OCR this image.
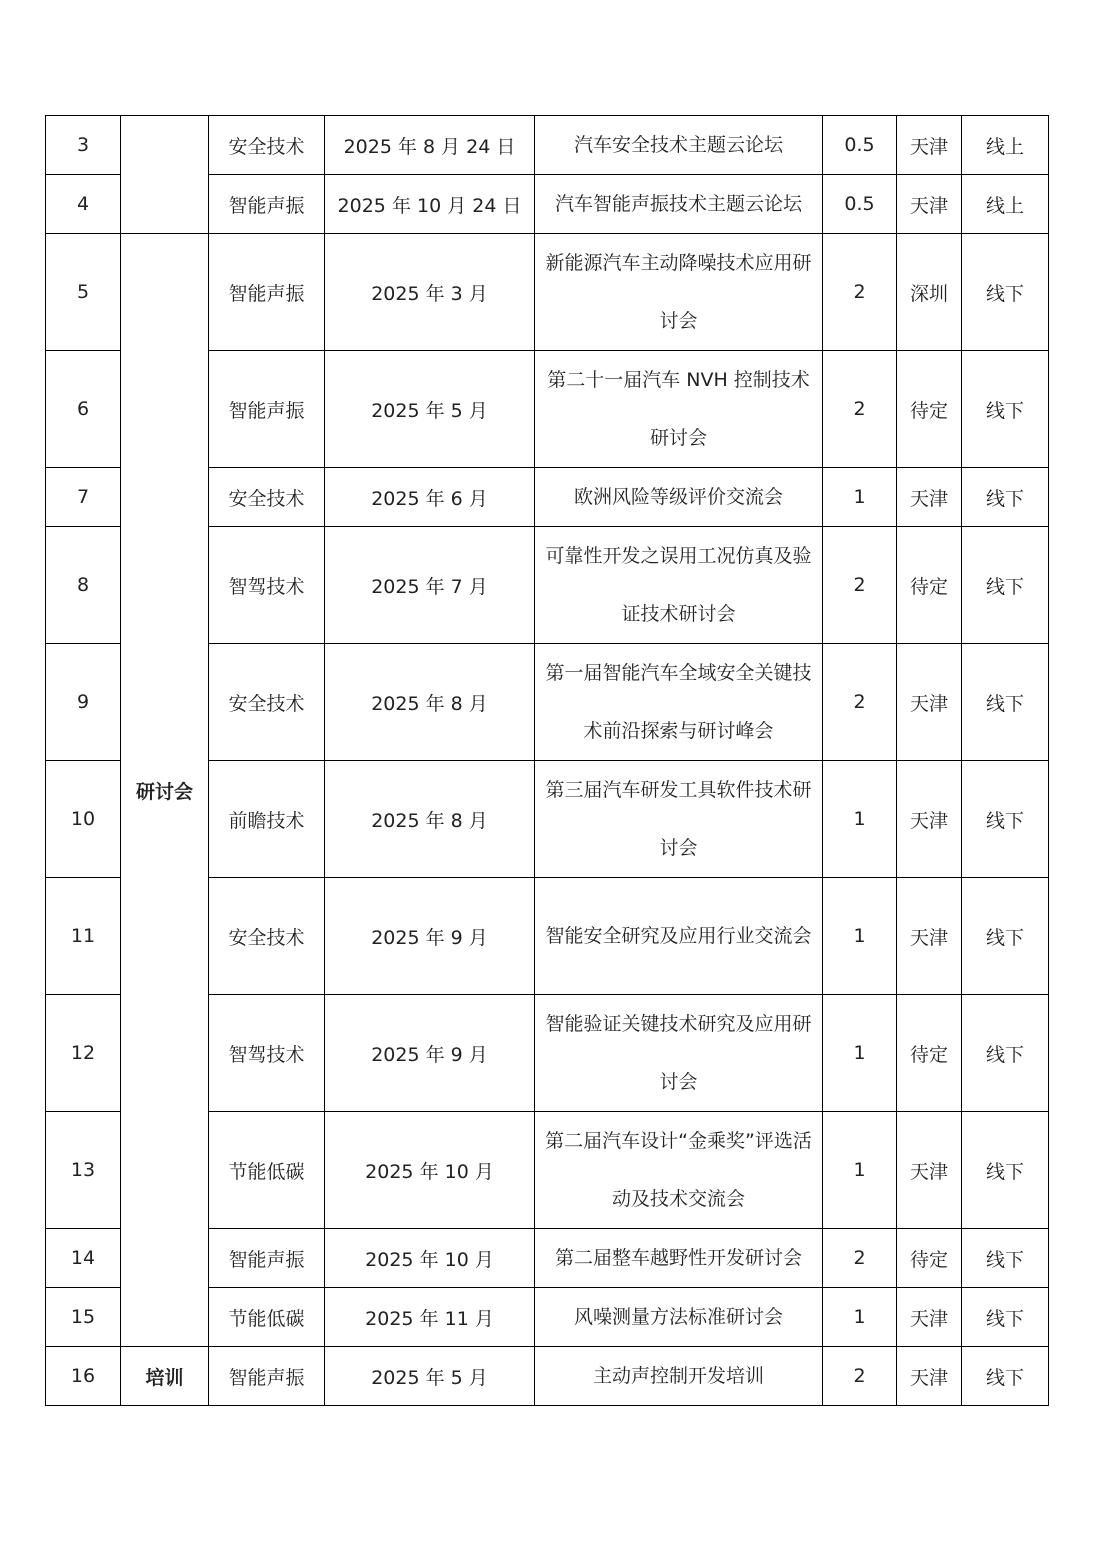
3		安全技术	2025 年 8 月 24 日	汽车安全技术主题云论坛	0.5	天津	线上
4		智能声振	2025 年 10 月 24 日	汽车智能声振技术主题云论坛	0.5	天津	线上
5	研讨会	智能声振	2025 年 3 月	新能源汽车主动降噪技术应用研讨会	2	深圳	线下
6		智能声振	2025 年 5 月	第二十一届汽车 NVH 控制技术研讨会	2	待定	线下
7		安全技术	2025 年 6 月	欧洲风险等级评价交流会	1	天津	线下
8		智驾技术	2025 年 7 月	可靠性开发之误用工况仿真及验证技术研讨会	2	待定	线下
9		安全技术	2025 年 8 月	第一届智能汽车全域安全关键技术前沿探索与研讨峰会	2	天津	线下
10		前瞻技术	2025 年 8 月	第三届汽车研发工具软件技术研讨会	1	天津	线下
11		安全技术	2025 年 9 月	智能安全研究及应用行业交流会	1	天津	线下
12		智驾技术	2025 年 9 月	智能验证关键技术研究及应用研讨会	1	待定	线下
13		节能低碳	2025 年 10 月	第二届汽车设计“金乘奖”评选活动及技术交流会	1	天津	线下
14		智能声振	2025 年 10 月	第二届整车越野性开发研讨会	2	待定	线下
15		节能低碳	2025 年 11 月	风噪测量方法标准研讨会	1	天津	线下
16	培训	智能声振	2025 年 5 月	主动声控制开发培训	2	天津	线下
